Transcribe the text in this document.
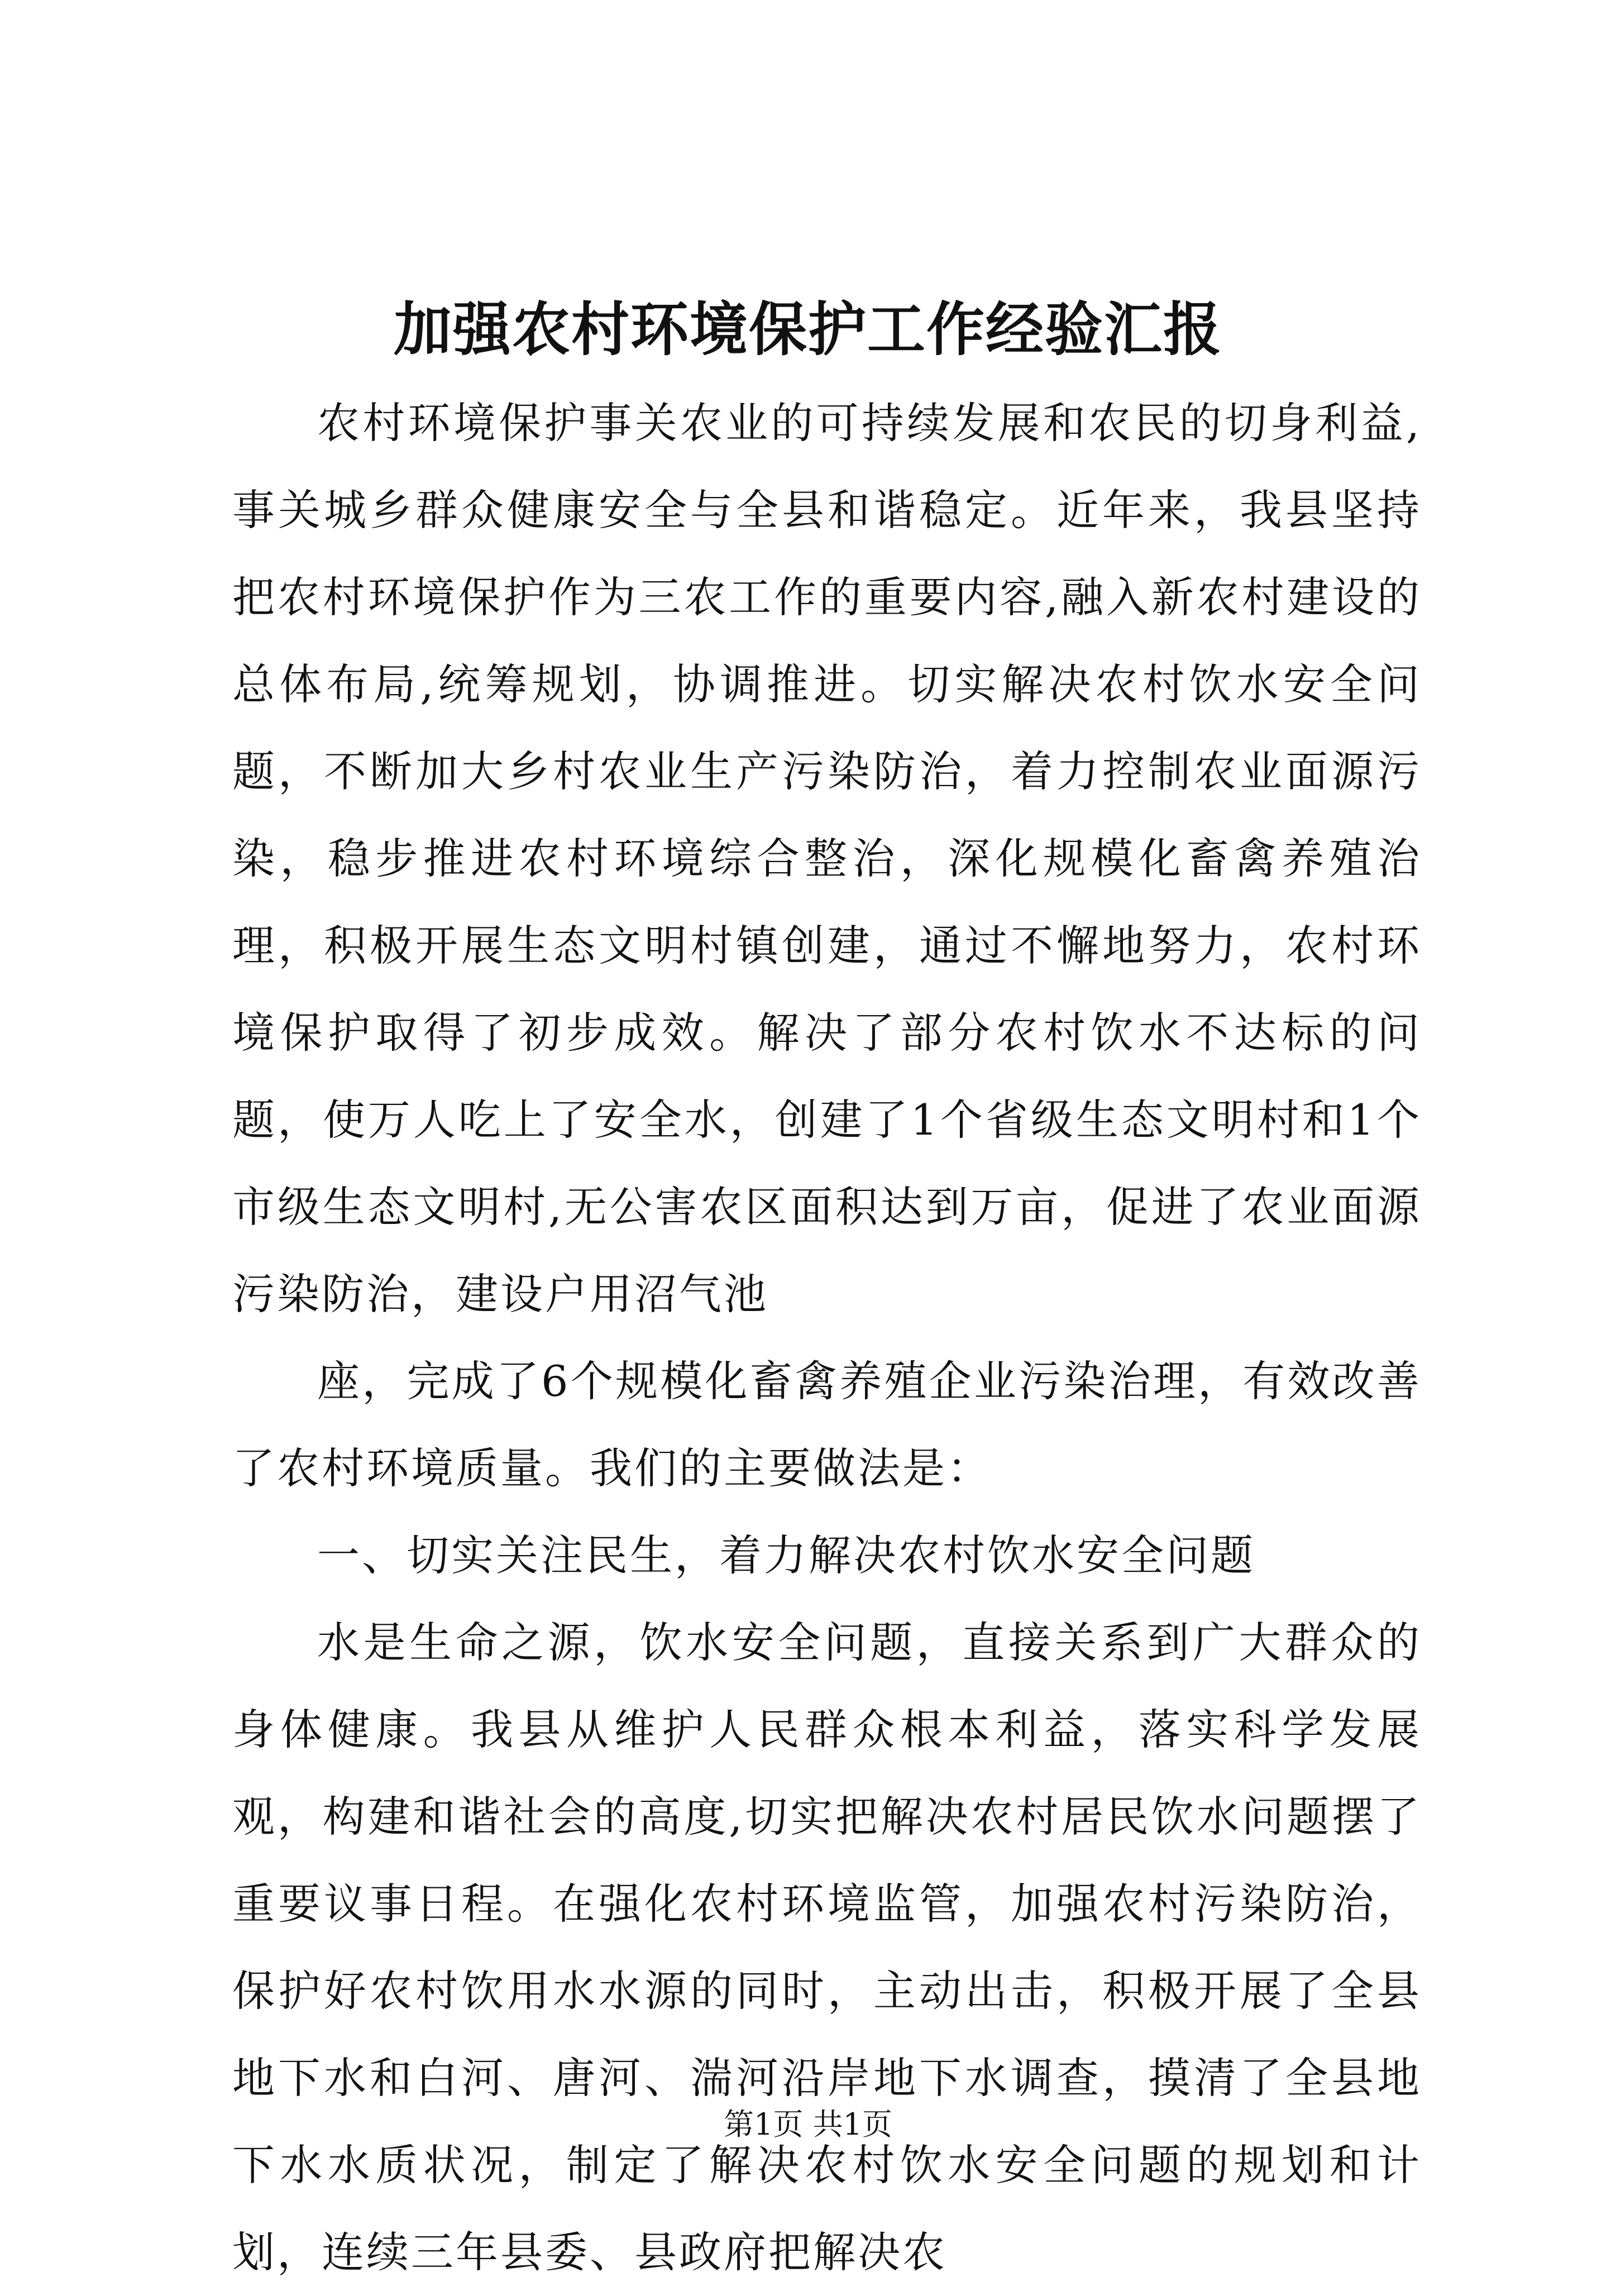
加强农村环境保护工作经验汇报

农村环境保护事关农业的可持续发展和农民的切身利益,事关城乡群众健康安全与全县和谐稳定。近年来，我县坚持把农村环境保护作为三农工作的重要内容,融入新农村建设的总体布局,统筹规划，协调推进。切实解决农村饮水安全问题，不断加大乡村农业生产污染防治，着力控制农业面源污染，稳步推进农村环境综合整治，深化规模化畜禽养殖治理，积极开展生态文明村镇创建，通过不懈地努力，农村环境保护取得了初步成效。解决了部分农村饮水不达标的问题，使万人吃上了安全水，创建了1个省级生态文明村和1个市级生态文明村,无公害农区面积达到万亩，促进了农业面源污染防治，建设户用沼气池

座，完成了6个规模化畜禽养殖企业污染治理，有效改善了农村环境质量。我们的主要做法是：

一、切实关注民生，着力解决农村饮水安全问题

水是生命之源，饮水安全问题，直接关系到广大群众的身体健康。我县从维护人民群众根本利益，落实科学发展观，构建和谐社会的高度,切实把解决农村居民饮水问题摆了重要议事日程。在强化农村环境监管，加强农村污染防治，保护好农村饮用水水源的同时，主动出击，积极开展了全县地下水和白河、唐河、湍河沿岸地下水调查，摸清了全县地下水水质状况，制定了解决农村饮水安全问题的规划和计划，连续三年县委、县政府把解决农

第1页 共1页
